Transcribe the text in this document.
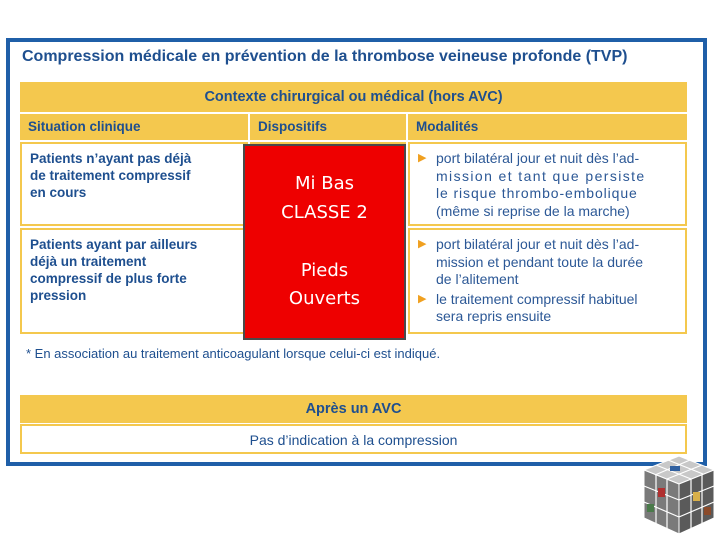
Compression médicale en prévention de la thrombose veineuse profonde (TVP)
Contexte chirurgical ou médical (hors AVC)
Situation clinique	Dispositifs	Modalités
Patients n’ayant pas déjà
de traitement compressif
en cours
▶ port bilatéral jour et nuit dès l’ad-
mission et tant que persiste
le risque thrombo-embolique
(même si reprise de la marche)
Patients ayant par ailleurs
déjà un traitement
compressif de plus forte
pression
▶ port bilatéral jour et nuit dès l’ad-
mission et pendant toute la durée
de l’alitement
▶ le traitement compressif habituel
sera repris ensuite
Mi Bas
CLASSE 2
Pieds
Ouverts
* En association au traitement anticoagulant lorsque celui-ci est indiqué.
Après un AVC
Pas d’indication à la compression
